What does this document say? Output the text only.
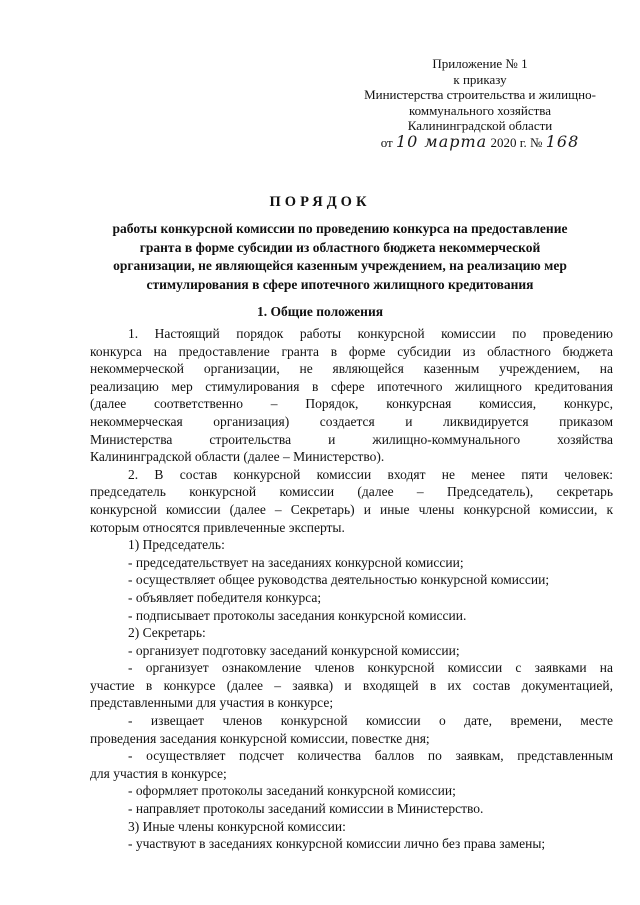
Приложение № 1
к приказу
Министерства строительства и жилищно-
коммунального хозяйства
Калининградской области
от 10 марта 2020 г. № 168
ПОРЯДОК
работы конкурсной комиссии по проведению конкурса на предоставление
гранта в форме субсидии из областного бюджета некоммерческой
организации, не являющейся казенным учреждением, на реализацию мер
стимулирования в сфере ипотечного жилищного кредитования
1. Общие положения

1. Настоящий порядок работы конкурсной комиссии по проведению

конкурса на предоставление гранта в форме субсидии из областного бюджета

некоммерческой организации, не являющейся казенным учреждением, на

реализацию мер стимулирования в сфере ипотечного жилищного кредитования

(далее соответственно – Порядок, конкурсная комиссия, конкурс,

некоммерческая организация) создается и ликвидируется приказом

Министерства строительства и жилищно-коммунального хозяйства

Калининградской области (далее – Министерство).

2. В состав конкурсной комиссии входят не менее пяти человек:

председатель конкурсной комиссии (далее – Председатель), секретарь

конкурсной комиссии (далее – Секретарь) и иные члены конкурсной комиссии, к

которым относятся привлеченные эксперты.

1) Председатель:

- председательствует на заседаниях конкурсной комиссии;

- осуществляет общее руководства деятельностью конкурсной комиссии;

- объявляет победителя конкурса;

- подписывает протоколы заседания конкурсной комиссии.

2) Секретарь:

- организует подготовку заседаний конкурсной комиссии;

- организует ознакомление членов конкурсной комиссии с заявками на

участие в конкурсе (далее – заявка) и входящей в их состав документацией,

представленными для участия в конкурсе;

- извещает членов конкурсной комиссии о дате, времени, месте

проведения заседания конкурсной комиссии, повестке дня;

- осуществляет подсчет количества баллов по заявкам, представленным

для участия в конкурсе;

- оформляет протоколы заседаний конкурсной комиссии;

- направляет протоколы заседаний комиссии в Министерство.

3) Иные члены конкурсной комиссии:

- участвуют в заседаниях конкурсной комиссии лично без права замены;
